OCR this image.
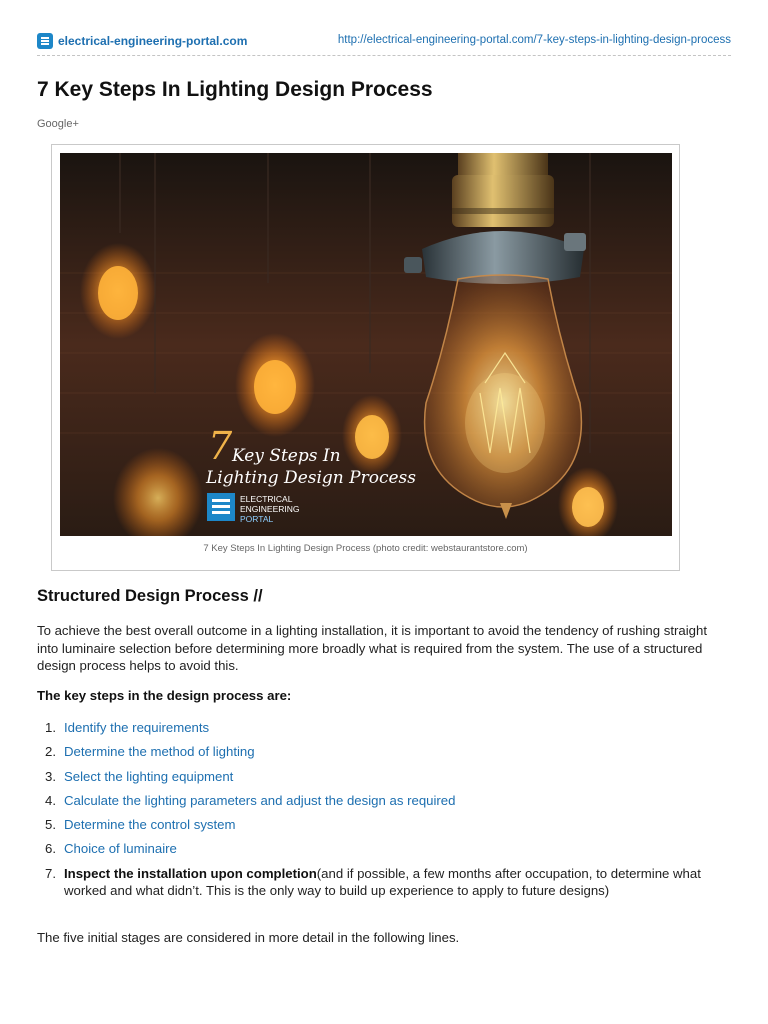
electrical-engineering-portal.com	http://electrical-engineering-portal.com/7-key-steps-in-lighting-design-process
7 Key Steps In Lighting Design Process
Google+
7 Key Steps In
Lighting Design Process
ELECTRICAL
ENGINEERING
PORTAL
7 Key Steps In Lighting Design Process (photo credit: webstaurantstore.com)
Structured Design Process //

To achieve the best overall outcome in a lighting installation, it is important to avoid the tendency of rushing straight into luminaire selection before determining more broadly what is required from the system. The use of a structured design process helps to avoid this.

The key steps in the design process are:

1. Identify the requirements
2. Determine the method of lighting
3. Select the lighting equipment
4. Calculate the lighting parameters and adjust the design as required
5. Determine the control system
6. Choice of luminaire
7. Inspect the installation upon completion(and if possible, a few months after occupation, to determine what worked and what didn’t. This is the only way to build up experience to apply to future designs)

The five initial stages are considered in more detail in the following lines.
